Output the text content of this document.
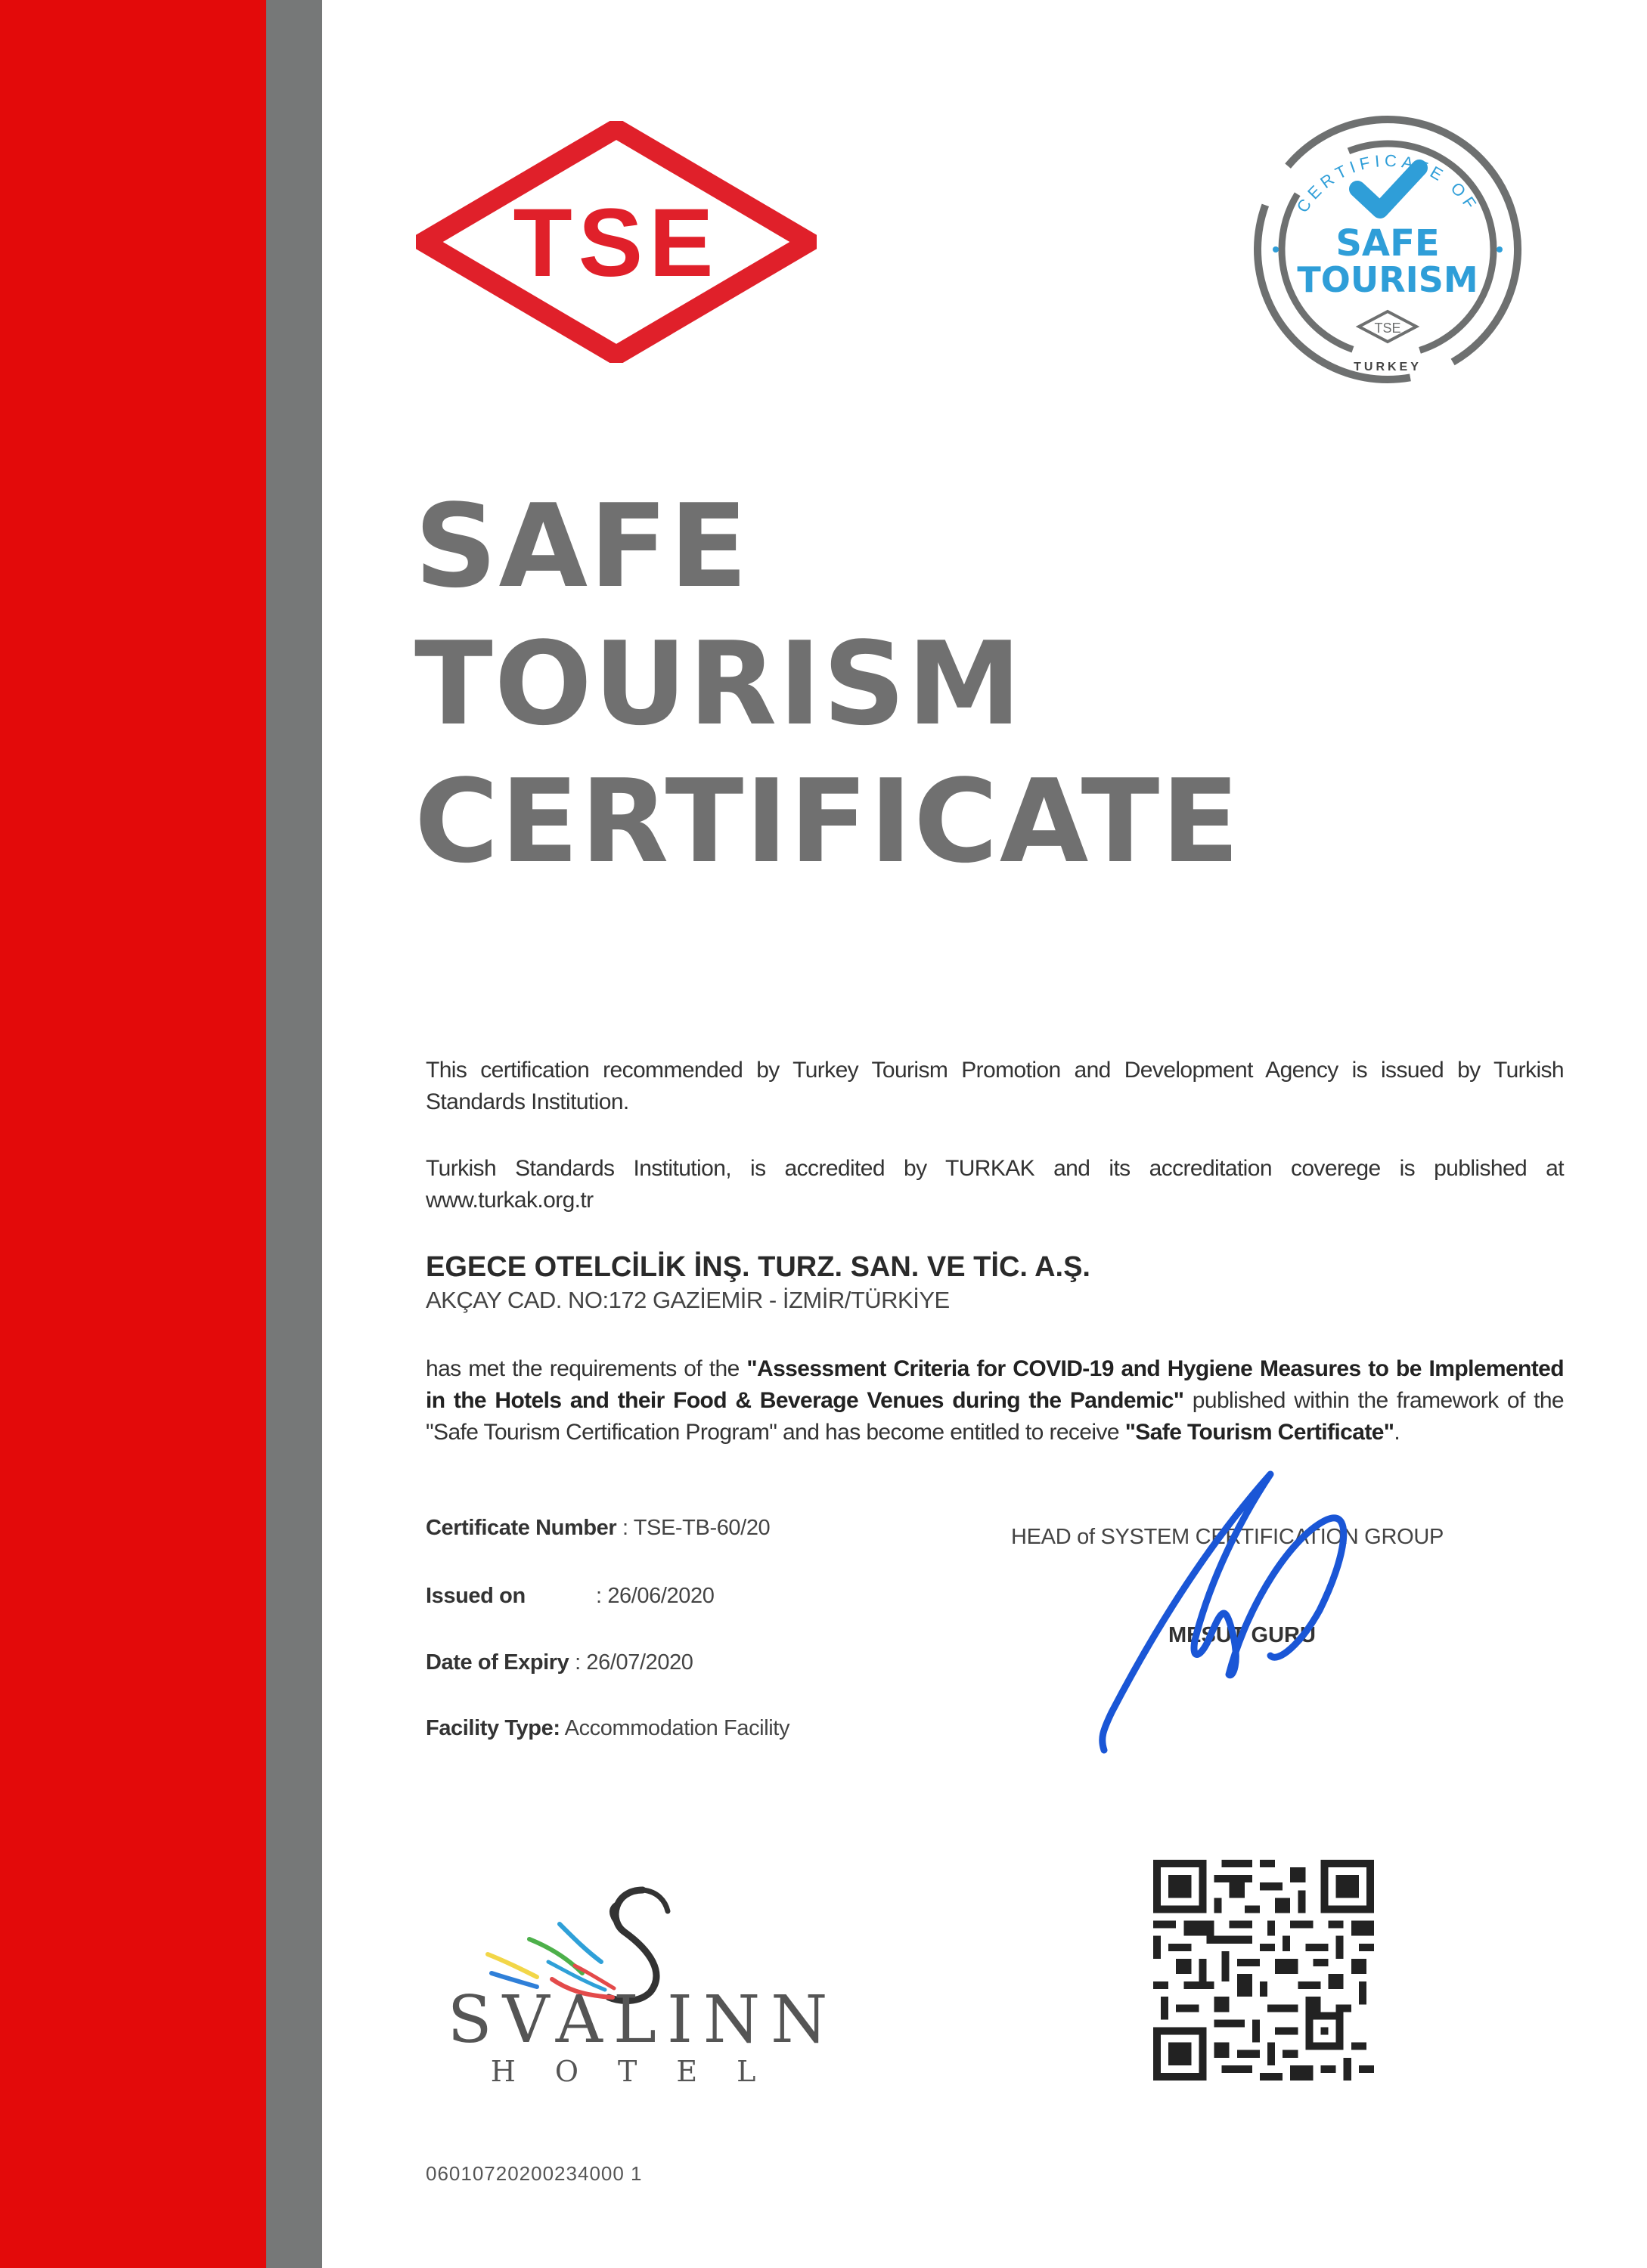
TSE	CERTIFICATE OF
SAFE
TOURISM
TSE
TURKEY
SAFE
TOURISM
CERTIFICATE

This certification recommended by Turkey Tourism Promotion and Development Agency is issued by Turkish Standards Institution.

Turkish Standards Institution, is accredited by TURKAK and its accreditation coverege is published at www.turkak.org.tr

EGECE OTELCİLİK İNŞ. TURZ. SAN. VE TİC. A.Ş.
AKÇAY CAD. NO:172 GAZİEMİR - İZMİR/TÜRKİYE

has met the requirements of the "Assessment Criteria for COVID-19 and Hygiene Measures to be Implemented in the Hotels and their Food & Beverage Venues during the Pandemic" published within the framework of the "Safe Tourism Certification Program" and has become entitled to receive "Safe Tourism Certificate".

Certificate Number : TSE-TB-60/20
Issued on	: 26/06/2020
Date of Expiry : 26/07/2020
Facility Type: Accommodation Facility
HEAD of SYSTEM CERTIFICATION GROUP
MESUT GURU
SVALINN
HOTEL
06010720200234000 1
